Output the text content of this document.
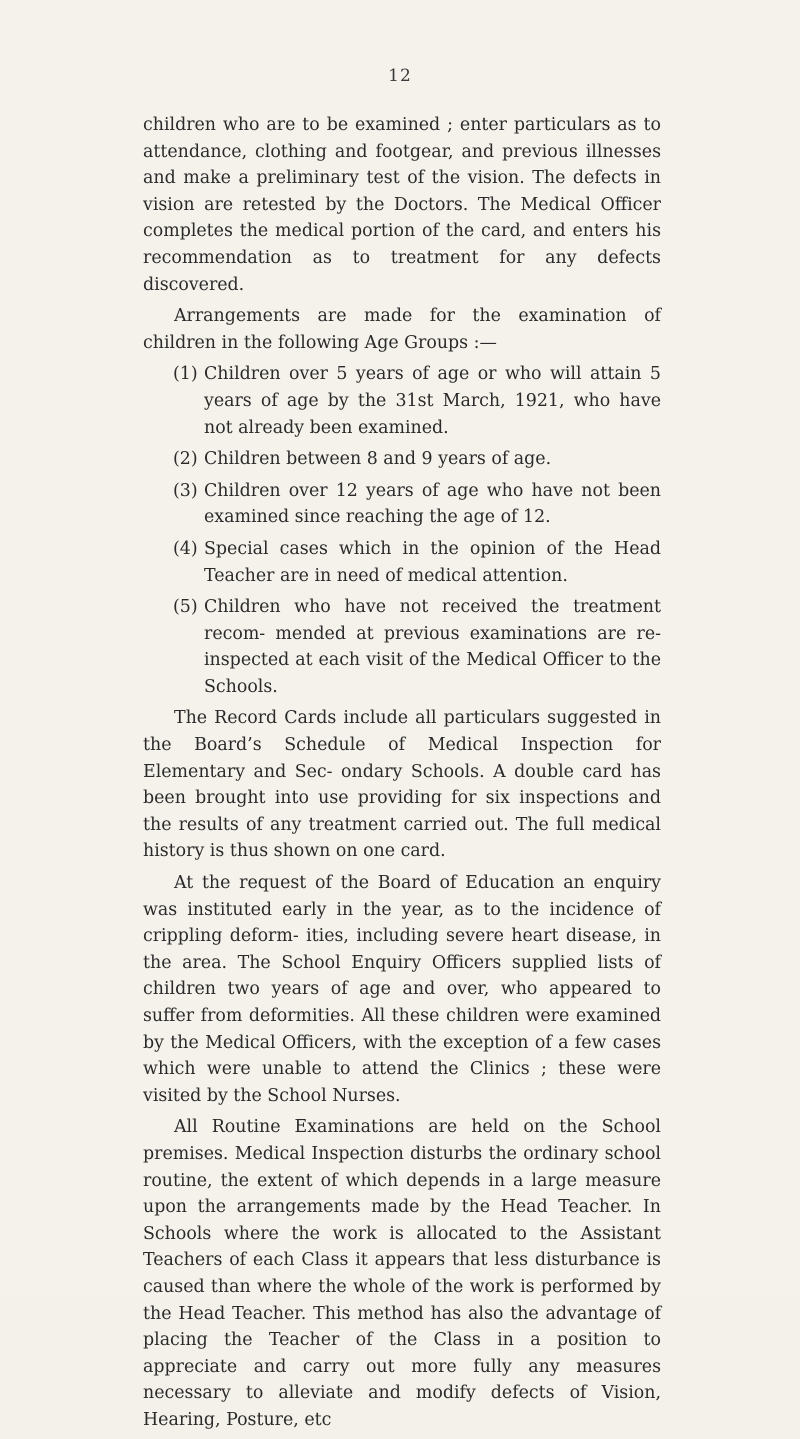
12

children who are to be examined ; enter particulars as to attendance, clothing and footgear, and previous illnesses and make a preliminary test of the vision. The defects in vision are retested by the Doctors. The Medical Officer completes the medical portion of the card, and enters his recommendation as to treatment for any defects discovered.

Arrangements are made for the examination of children in the following Age Groups :—

(1) Children over 5 years of age or who will attain 5 years of age by the 31st March, 1921, who have not already been examined.
(2) Children between 8 and 9 years of age.
(3) Children over 12 years of age who have not been examined since reaching the age of 12.
(4) Special cases which in the opinion of the Head Teacher are in need of medical attention.
(5) Children who have not received the treatment recom- mended at previous examinations are re-inspected at each visit of the Medical Officer to the Schools.

The Record Cards include all particulars suggested in the Board’s Schedule of Medical Inspection for Elementary and Sec- ondary Schools. A double card has been brought into use providing for six inspections and the results of any treatment carried out. The full medical history is thus shown on one card.

At the request of the Board of Education an enquiry was instituted early in the year, as to the incidence of crippling deform- ities, including severe heart disease, in the area. The School Enquiry Officers supplied lists of children two years of age and over, who appeared to suffer from deformities. All these children were examined by the Medical Officers, with the exception of a few cases which were unable to attend the Clinics ; these were visited by the School Nurses.

All Routine Examinations are held on the School premises. Medical Inspection disturbs the ordinary school routine, the extent of which depends in a large measure upon the arrangements made by the Head Teacher. In Schools where the work is allocated to the Assistant Teachers of each Class it appears that less disturbance is caused than where the whole of the work is performed by the Head Teacher. This method has also the advantage of placing the Teacher of the Class in a position to appreciate and carry out more fully any measures necessary to alleviate and modify defects of Vision, Hearing, Posture, etc
